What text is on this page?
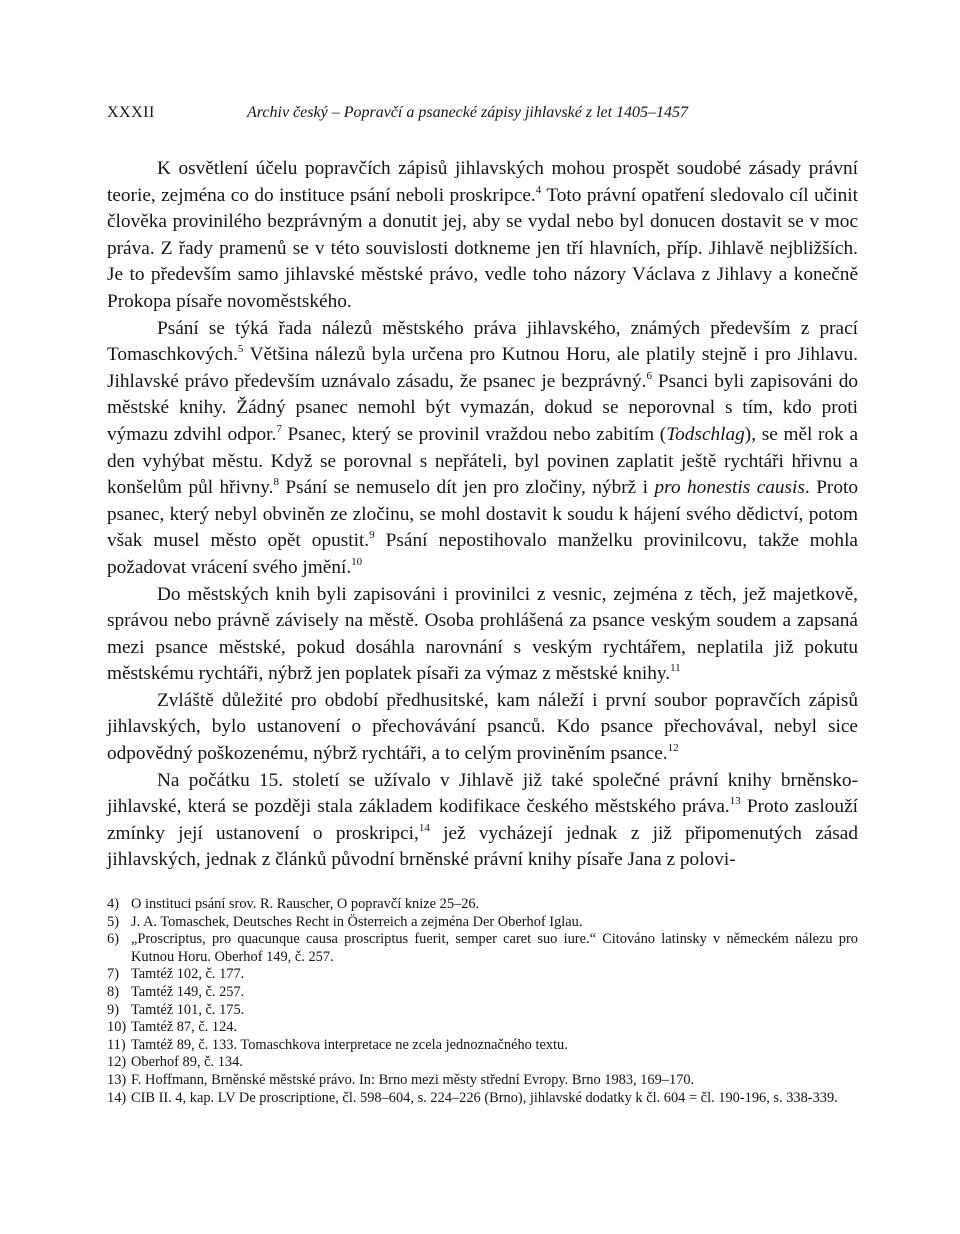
XXXII	Archiv český – Popravčí a psanecké zápisy jihlavské z let 1405–1457

K osvětlení účelu popravčích zápisů jihlavských mohou prospět soudobé zásady právní teorie, zejména co do instituce psání neboli proskripce.$^4$ Toto právní opatření sledovalo cíl učinit člověka provinilého bezprávným a donutit jej, aby se vydal nebo byl donucen dostavit se v moc práva. Z řady pramenů se v této souvislosti dotkneme jen tří hlavních, příp. Jihlavě nejbližších. Je to především samo jihlavské městské právo, vedle toho názory Václava z Jihlavy a konečně Prokopa písaře novoměstského.

Psání se týká řada nálezů městského práva jihlavského, známých především z prací Tomaschkových.$^5$ Většina nálezů byla určena pro Kutnou Horu, ale platily stejně i pro Jihlavu. Jihlavské právo především uznávalo zásadu, že psanec je bezprávný.$^6$ Psanci byli zapisováni do městské knihy. Žádný psanec nemohl být vymazán, dokud se neporovnal s tím, kdo proti výmazu zdvihl odpor.$^7$ Psanec, který se provinil vraždou nebo zabitím (Todschlag), se měl rok a den vyhýbat městu. Když se porovnal s nepřáteli, byl povinen zaplatit ještě rychtáři hřivnu a konšelům půl hřivny.$^8$ Psání se nemuselo dít jen pro zločiny, nýbrž i pro honestis causis. Proto psanec, který nebyl obviněn ze zločinu, se mohl dostavit k soudu k hájení svého dědictví, potom však musel město opět opustit.$^9$ Psání nepostihovalo manželku provinilcovu, takže mohla požadovat vrácení svého jmění.$^{10}$

Do městských knih byli zapisováni i provinilci z vesnic, zejména z těch, jež majetkově, správou nebo právně závisely na městě. Osoba prohlášená za psance veským soudem a zapsaná mezi psance městské, pokud dosáhla narovnání s veským rychtářem, neplatila již pokutu městskému rychtáři, nýbrž jen poplatek písaři za výmaz z městské knihy.$^{11}$

Zvláště důležité pro období předhusitské, kam náleží i první soubor popravčích zápisů jihlavských, bylo ustanovení o přechovávání psanců. Kdo psance přechovával, nebyl sice odpovědný poškozenému, nýbrž rychtáři, a to celým proviněním psance.$^{12}$

Na počátku 15. století se užívalo v Jihlavě již také společné právní knihy brněnsko-jihlavské, která se později stala základem kodifikace českého městského práva.$^{13}$ Proto zaslouží zmínky její ustanovení o proskripci,$^{14}$ jež vycházejí jednak z již připomenutých zásad jihlavských, jednak z článků původní brněnské právní knihy písaře Jana z polovi-

4) O instituci psání srov. R. Rauscher, O popravčí knize 25–26.
5) J. A. Tomaschek, Deutsches Recht in Österreich a zejména Der Oberhof Iglau.
6) „Proscriptus, pro quacunque causa proscriptus fuerit, semper caret suo iure.“ Citováno latinsky v německém nálezu pro Kutnou Horu. Oberhof 149, č. 257.
7) Tamtéž 102, č. 177.
8) Tamtéž 149, č. 257.
9) Tamtéž 101, č. 175.
10) Tamtéž 87, č. 124.
11) Tamtéž 89, č. 133. Tomaschkova interpretace ne zcela jednoznačného textu.
12) Oberhof 89, č. 134.
13) F. Hoffmann, Brněnské městské právo. In: Brno mezi městy střední Evropy. Brno 1983, 169–170.
14) CIB II. 4, kap. LV De proscriptione, čl. 598–604, s. 224–226 (Brno), jihlavské dodatky k čl. 604 = čl. 190-196, s. 338-339.
